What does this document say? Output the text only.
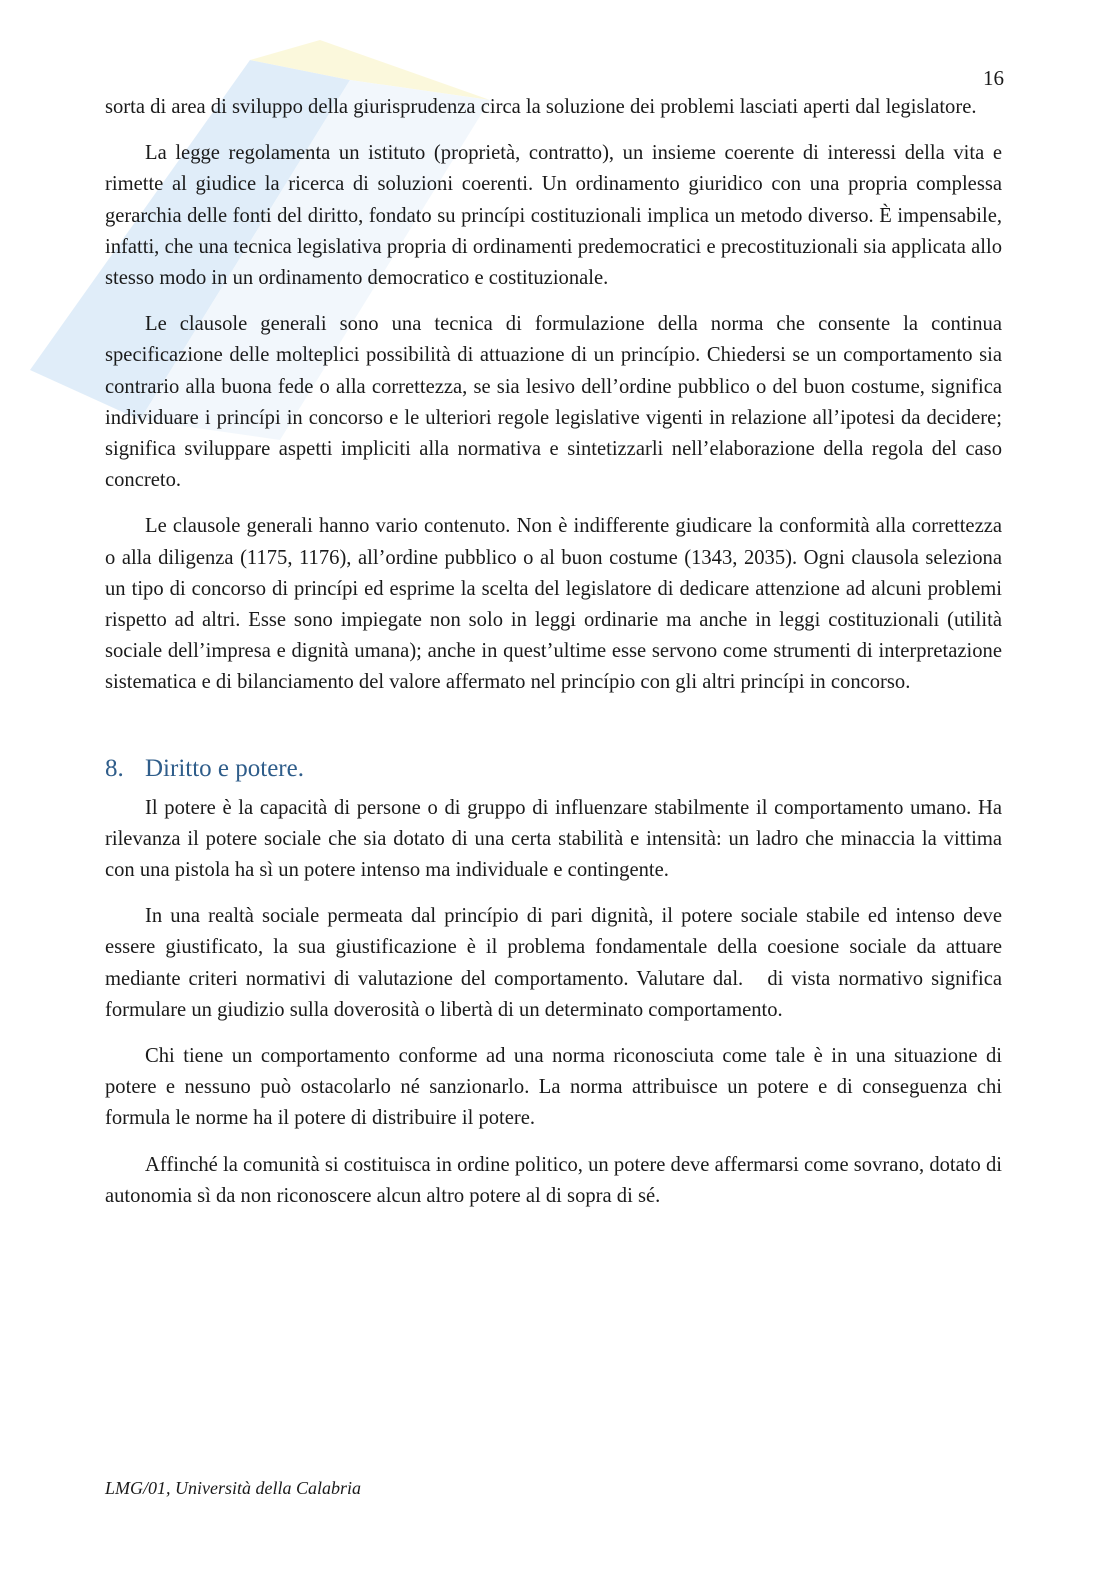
16

sorta di area di sviluppo della giurisprudenza circa la soluzione dei problemi lasciati aperti dal legislatore.

La legge regolamenta un istituto (proprietà, contratto), un insieme coerente di interessi della vita e rimette al giudice la ricerca di soluzioni coerenti. Un ordinamento giuridico con una propria complessa gerarchia delle fonti del diritto, fondato su princípi costituzionali implica un metodo diverso. È impensabile, infatti, che una tecnica legislativa propria di ordinamenti predemocratici e precostituzionali sia applicata allo stesso modo in un ordinamento democratico e costituzionale.

Le clausole generali sono una tecnica di formulazione della norma che consente la continua specificazione delle molteplici possibilità di attuazione di un princípio. Chiedersi se un comportamento sia contrario alla buona fede o alla correttezza, se sia lesivo dell’ordine pubblico o del buon costume, significa individuare i princípi in concorso e le ulteriori regole legislative vigenti in relazione all’ipotesi da decidere; significa sviluppare aspetti impliciti alla normativa e sintetizzarli nell’elaborazione della regola del caso concreto.

Le clausole generali hanno vario contenuto. Non è indifferente giudicare la conformità alla correttezza o alla diligenza (1175, 1176), all’ordine pubblico o al buon costume (1343, 2035). Ogni clausola seleziona un tipo di concorso di princípi ed esprime la scelta del legislatore di dedicare attenzione ad alcuni problemi rispetto ad altri. Esse sono impiegate non solo in leggi ordinarie ma anche in leggi costituzionali (utilità sociale dell’impresa e dignità umana); anche in quest’ultime esse servono come strumenti di interpretazione sistematica e di bilanciamento del valore affermato nel princípio con gli altri princípi in concorso.

8. Diritto e potere.

Il potere è la capacità di persone o di gruppo di influenzare stabilmente il comportamento umano. Ha rilevanza il potere sociale che sia dotato di una certa stabilità e intensità: un ladro che minaccia la vittima con una pistola ha sì un potere intenso ma individuale e contingente.

In una realtà sociale permeata dal princípio di pari dignità, il potere sociale stabile ed intenso deve essere giustificato, la sua giustificazione è il problema fondamentale della coesione sociale da attuare mediante criteri normativi di valutazione del comportamento. Valutare dal.   di vista normativo significa formulare un giudizio sulla doverosità o libertà di un determinato comportamento.

Chi tiene un comportamento conforme ad una norma riconosciuta come tale è in una situazione di potere e nessuno può ostacolarlo né sanzionarlo. La norma attribuisce un potere e di conseguenza chi formula le norme ha il potere di distribuire il potere.

Affinché la comunità si costituisca in ordine politico, un potere deve affermarsi come sovrano, dotato di autonomia sì da non riconoscere alcun altro potere al di sopra di sé.

LMG/01, Università della Calabria
